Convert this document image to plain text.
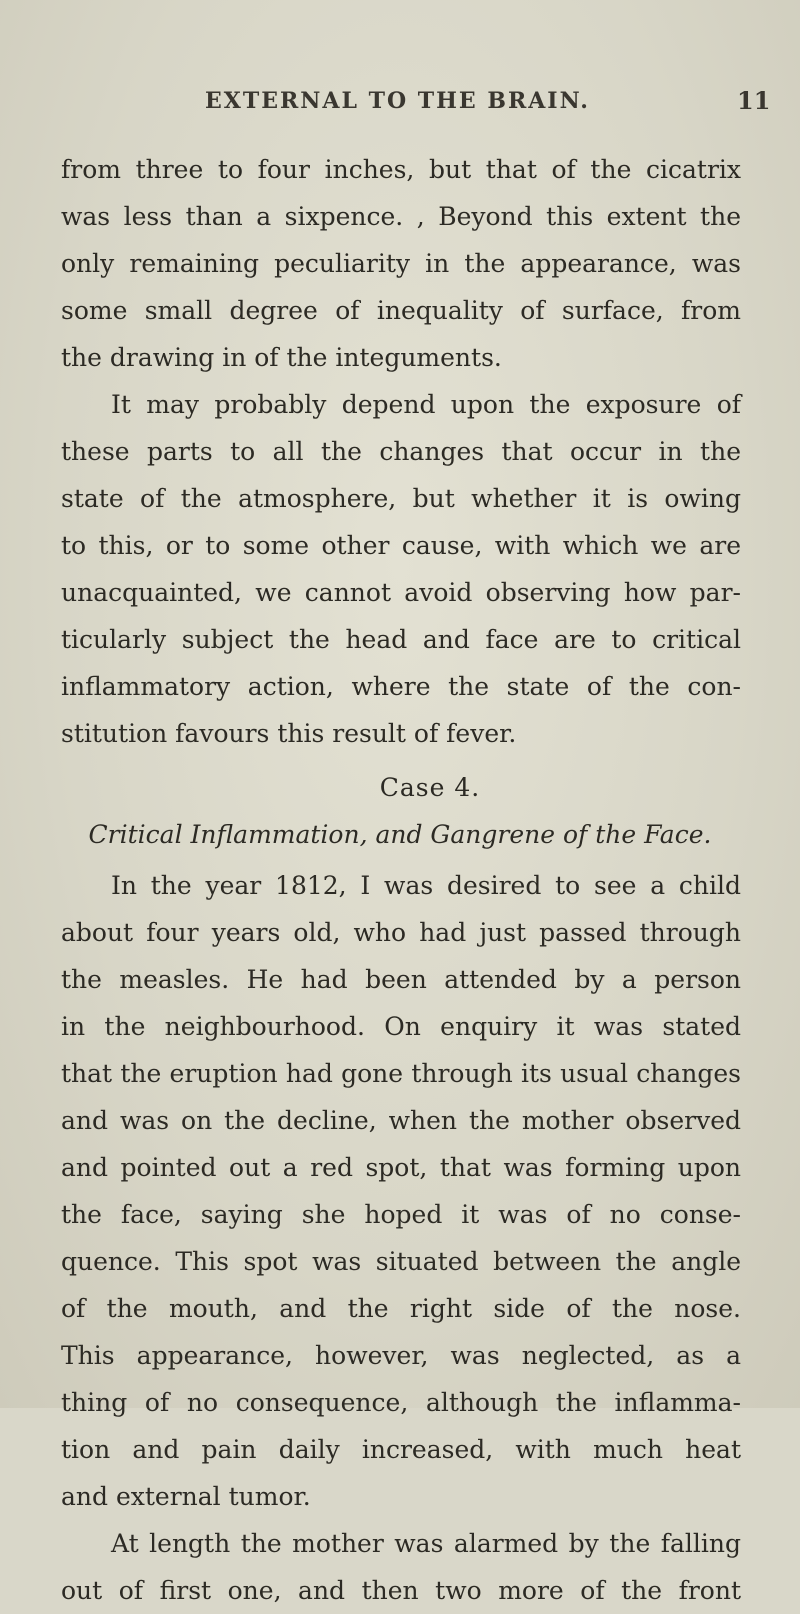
EXTERNAL TO THE BRAIN.	11
from three to four inches, but that of the cicatrix
was less than a sixpence. , Beyond this extent the
only remaining peculiarity in the appearance, was
some small degree of inequality of surface, from
the drawing in of the integuments.
It may probably depend upon the exposure of
these parts to all the changes that occur in the
state of the atmosphere, but whether it is owing
to this, or to some other cause, with which we are
unacquainted, we cannot avoid observing how par-
ticularly subject the head and face are to critical
inflammatory action, where the state of the con-
stitution favours this result of fever.
Case 4.
Critical Inflammation, and Gangrene of the Face.
In the year 1812, I was desired to see a child
about four years old, who had just passed through
the measles. He had been attended by a person
in the neighbourhood. On enquiry it was stated
that the eruption had gone through its usual changes
and was on the decline, when the mother observed
and pointed out a red spot, that was forming upon
the face, saying she hoped it was of no conse-
quence. This spot was situated between the angle
of the mouth, and the right side of the nose.
This appearance, however, was neglected, as a
thing of no consequence, although the inflamma-
tion and pain daily increased, with much heat
and external tumor.
At length the mother was alarmed by the falling
out of first one, and then two more of the front
